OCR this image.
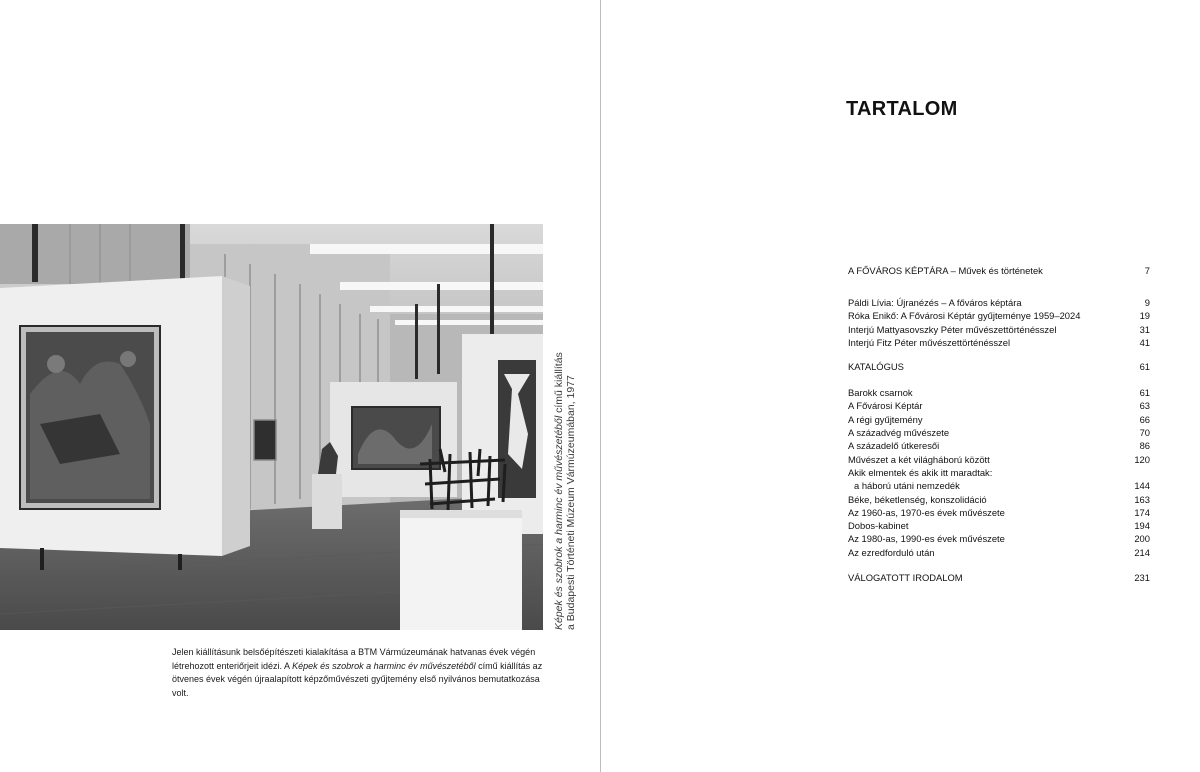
Képek és szobrok a harminc év művészetéből című kiállítás a Budapesti Történeti Múzeum Vármúzeumában, 1977
Jelen kiállításunk belsőépítészeti kialakítása a BTM Vármúzeumának hatvanas évek végén létrehozott enteriőrjeit idézi. A Képek és szobrok a harminc év művészetéből című kiállítás az ötvenes évek végén újraalapított képzőművészeti gyűjtemény első nyilvános bemutatkozása volt.
TARTALOM
A FŐVÁROS KÉPTÁRA – Művek és történetek	7
Páldi Lívia: Újranézés – A főváros képtára	9
Róka Enikő: A Fővárosi Képtár gyűjteménye 1959–2024	19
Interjú Mattyasovszky Péter művészettörténésszel	31
Interjú Fitz Péter művészettörténésszel	41
KATALÓGUS	61
Barokk csarnok	61
A Fővárosi Képtár	63
A régi gyűjtemény	66
A századvég művészete	70
A századelő útkeresői	86
Művészet a két világháború között	120
Akik elmentek és akik itt maradtak:
a háború utáni nemzedék	144
Béke, béketlenség, konszolidáció	163
Az 1960-as, 1970-es évek művészete	174
Dobos-kabinet	194
Az 1980-as, 1990-es évek művészete	200
Az ezredforduló után	214
VÁLOGATOTT IRODALOM	231
